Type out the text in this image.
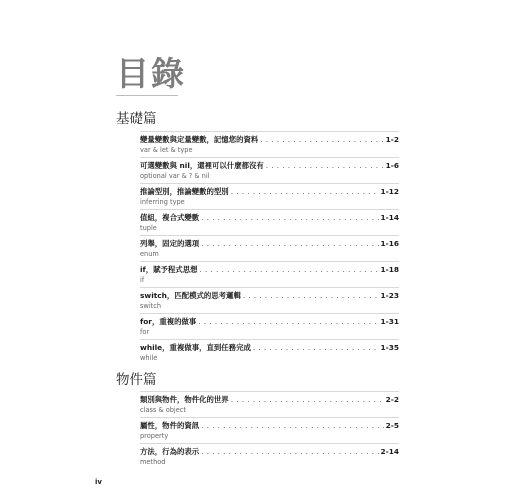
目錄
基礎篇
變量變數與定量變數，記憶您的資料 . . .	1-2
var & let & type
可選變數與 nil，還裡可以什麼都沒有 . . .	1-6
optional var & ? & nil
推論型別，推論變數的型別 . . .	1-12
inferring type
值組，複合式變數 . . .	1-14
tuple
列舉，固定的選項 . . .	1-16
enum
if，賦予程式思想 . . .	1-18
if
switch，匹配模式的思考邏輯 . . .	1-23
switch
for，重複的做事 . . .	1-31
for
while，重複做事，直到任務完成 . . .	1-35
while
物件篇
類別與物件，物件化的世界 . . .	2-2
class & object
屬性，物件的資訊 . . .	2-5
property
方法，行為的表示 . . .	2-14
method
iv
